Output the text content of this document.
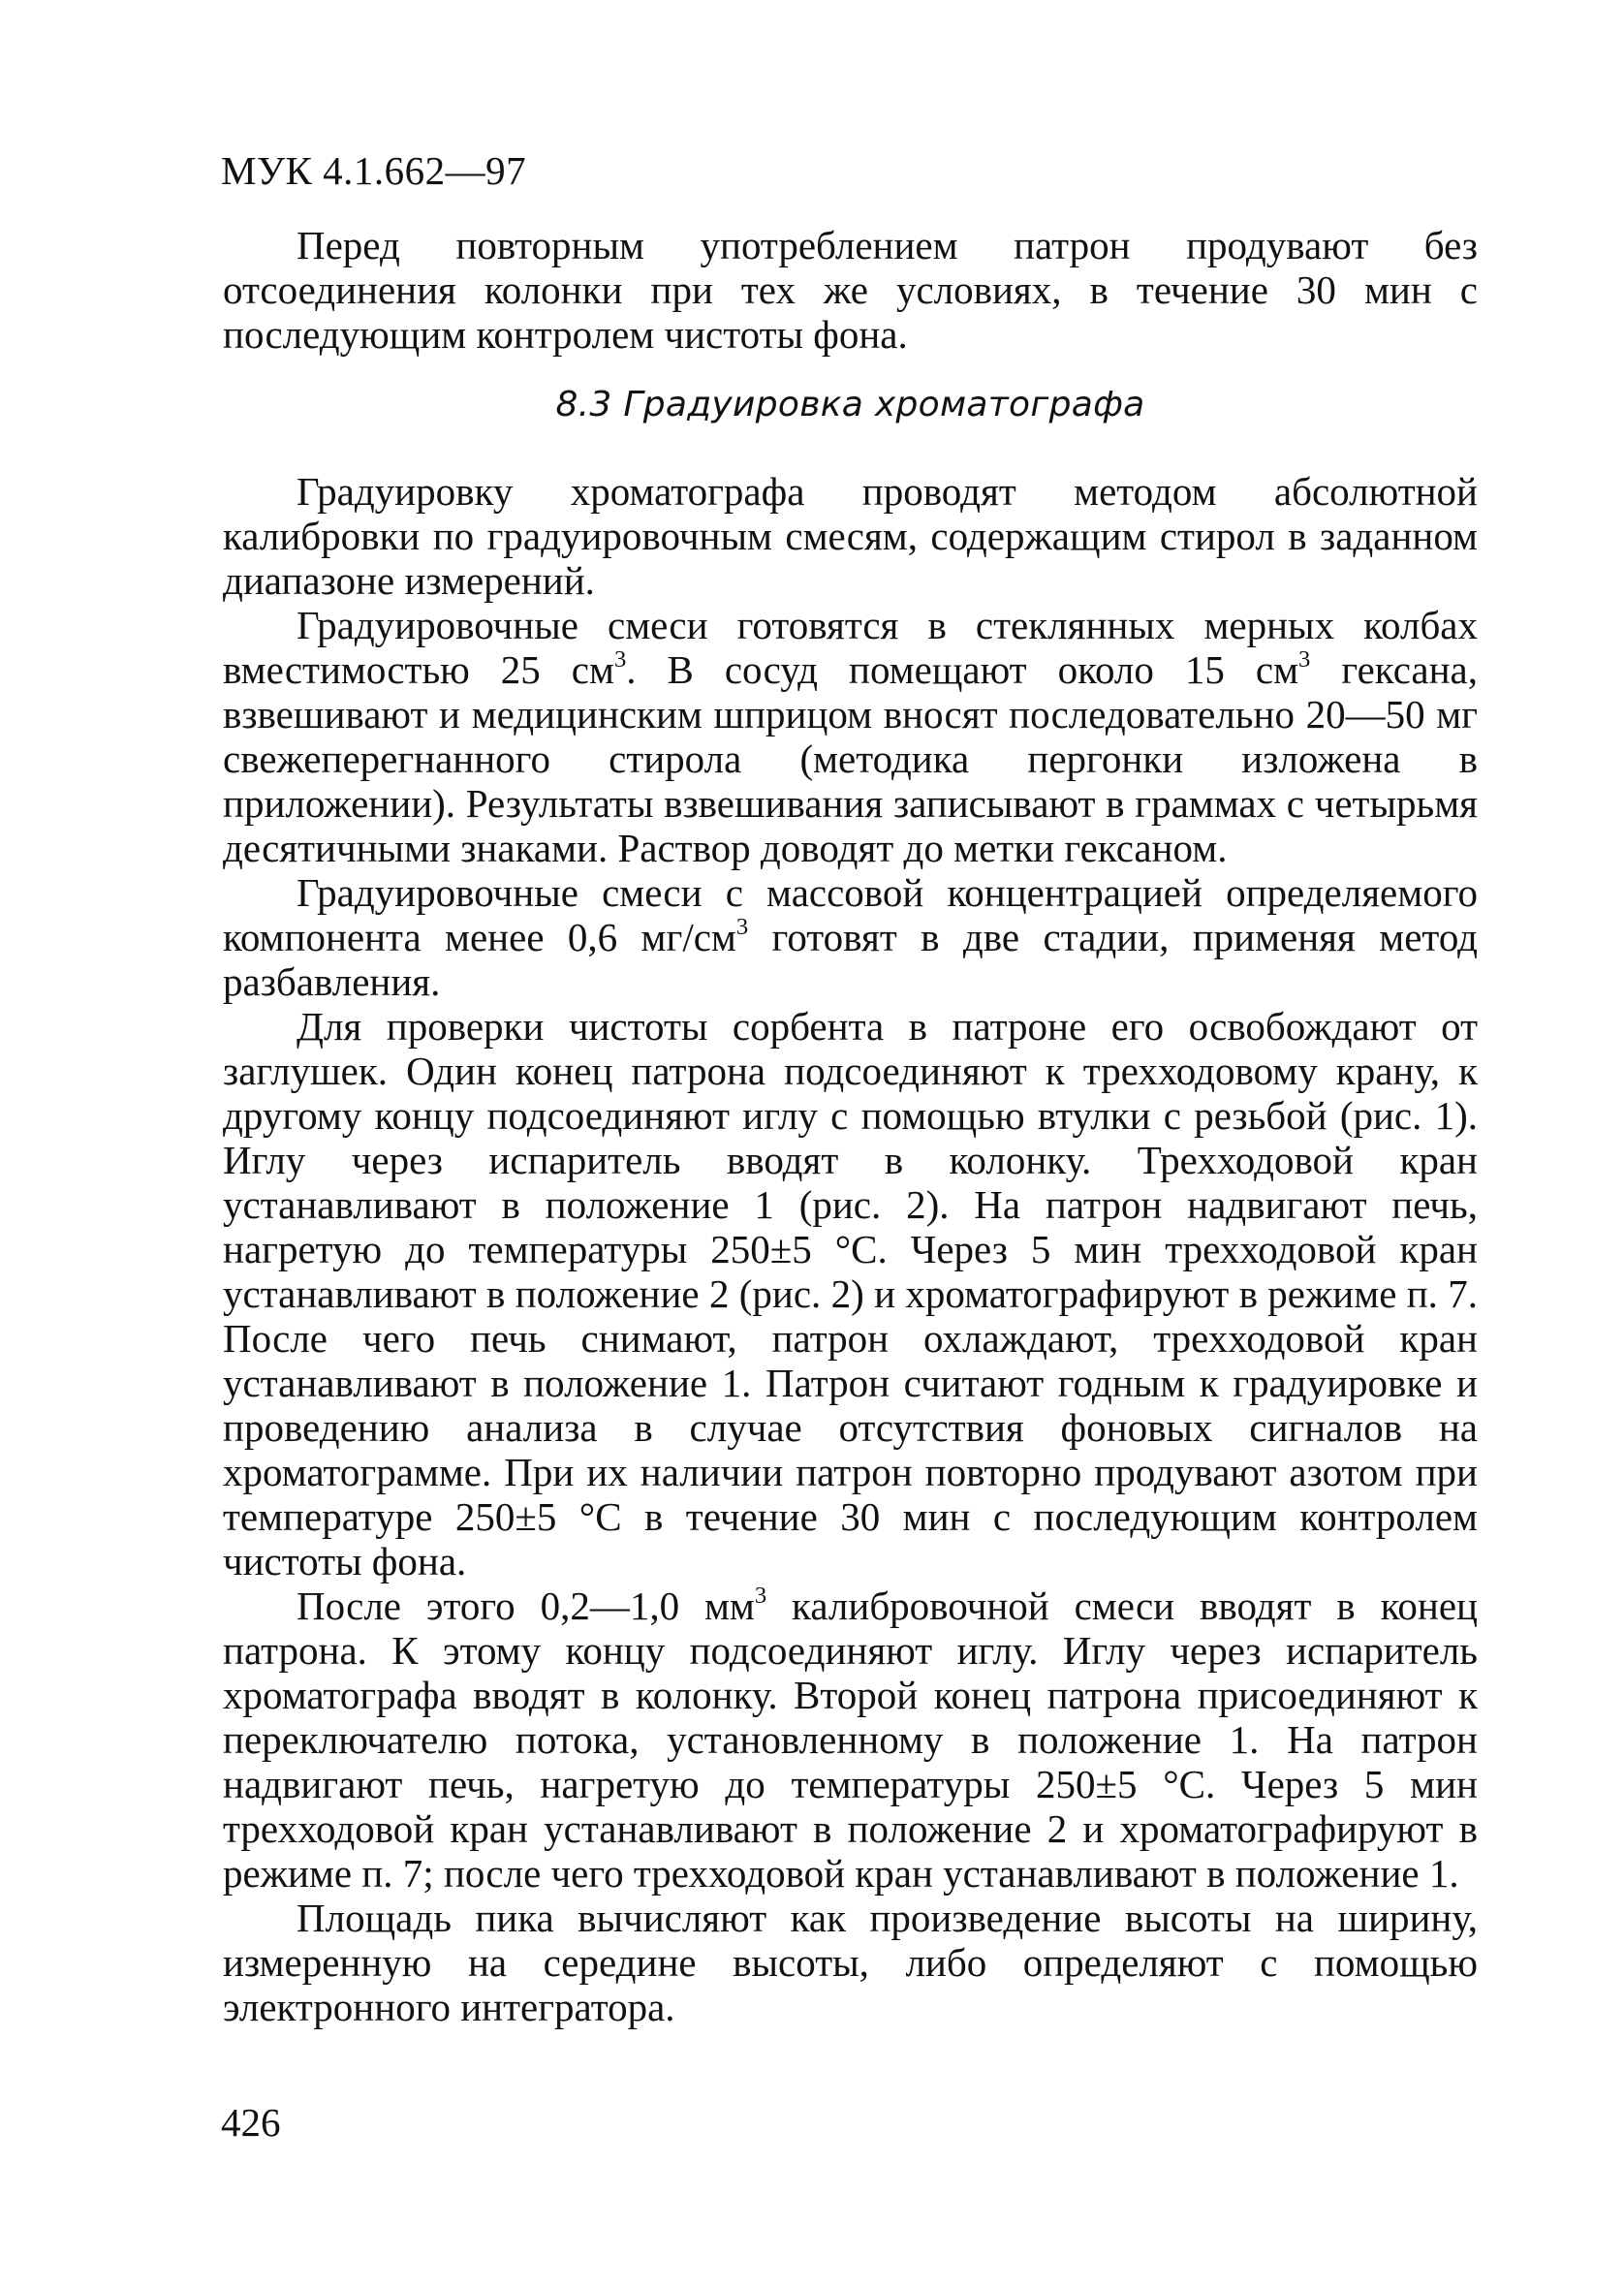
МУК 4.1.662—97

Перед повторным употреблением патрон продувают без отсоединения колонки при тех же условиях, в течение 30 мин с последующим контролем чистоты фона.

8.3 Градуировка хроматографа

Градуировку хроматографа проводят методом абсолютной калибровки по градуировочным смесям, содержащим стирол в заданном диапазоне измерений.

Градуировочные смеси готовятся в стеклянных мерных колбах вместимостью 25 $см^3$. В сосуд помещают около 15 $см^3$ гексана, взвешивают и медицинским шприцом вносят последовательно 20—50 мг свежеперегнанного стирола (методика пергонки изложена в приложении). Результаты взвешивания записывают в граммах с четырьмя десятичными знаками. Раствор доводят до метки гексаном.

Градуировочные смеси с массовой концентрацией определяемого компонента менее 0,6 $мг/см^3$ готовят в две стадии, применяя метод разбавления.

Для проверки чистоты сорбента в патроне его освобождают от заглушек. Один конец патрона подсоединяют к трехходовому крану, к другому концу подсоединяют иглу с помощью втулки с резьбой (рис. 1). Иглу через испаритель вводят в колонку. Трехходовой кран устанавливают в положение 1 (рис. 2). На патрон надвигают печь, нагретую до температуры 250±5 °С. Через 5 мин трехходовой кран устанавливают в положение 2 (рис. 2) и хроматографируют в режиме п. 7. После чего печь снимают, патрон охлаждают, трехходовой кран устанавливают в положение 1. Патрон считают годным к градуировке и проведению анализа в случае отсутствия фоновых сигналов на хроматограмме. При их наличии патрон повторно продувают азотом при температуре 250±5 °С в течение 30 мин с последующим контролем чистоты фона.

После этого 0,2—1,0 $мм^3$ калибровочной смеси вводят в конец патрона. К этому концу подсоединяют иглу. Иглу через испаритель хроматографа вводят в колонку. Второй конец патрона присоединяют к переключателю потока, установленному в положение 1. На патрон надвигают печь, нагретую до температуры 250±5 °С. Через 5 мин трехходовой кран устанавливают в положение 2 и хроматографируют в режиме п. 7; после чего трехходовой кран устанавливают в положение 1.

Площадь пика вычисляют как произведение высоты на ширину, измеренную на середине высоты, либо определяют с помощью электронного интегратора.

426
